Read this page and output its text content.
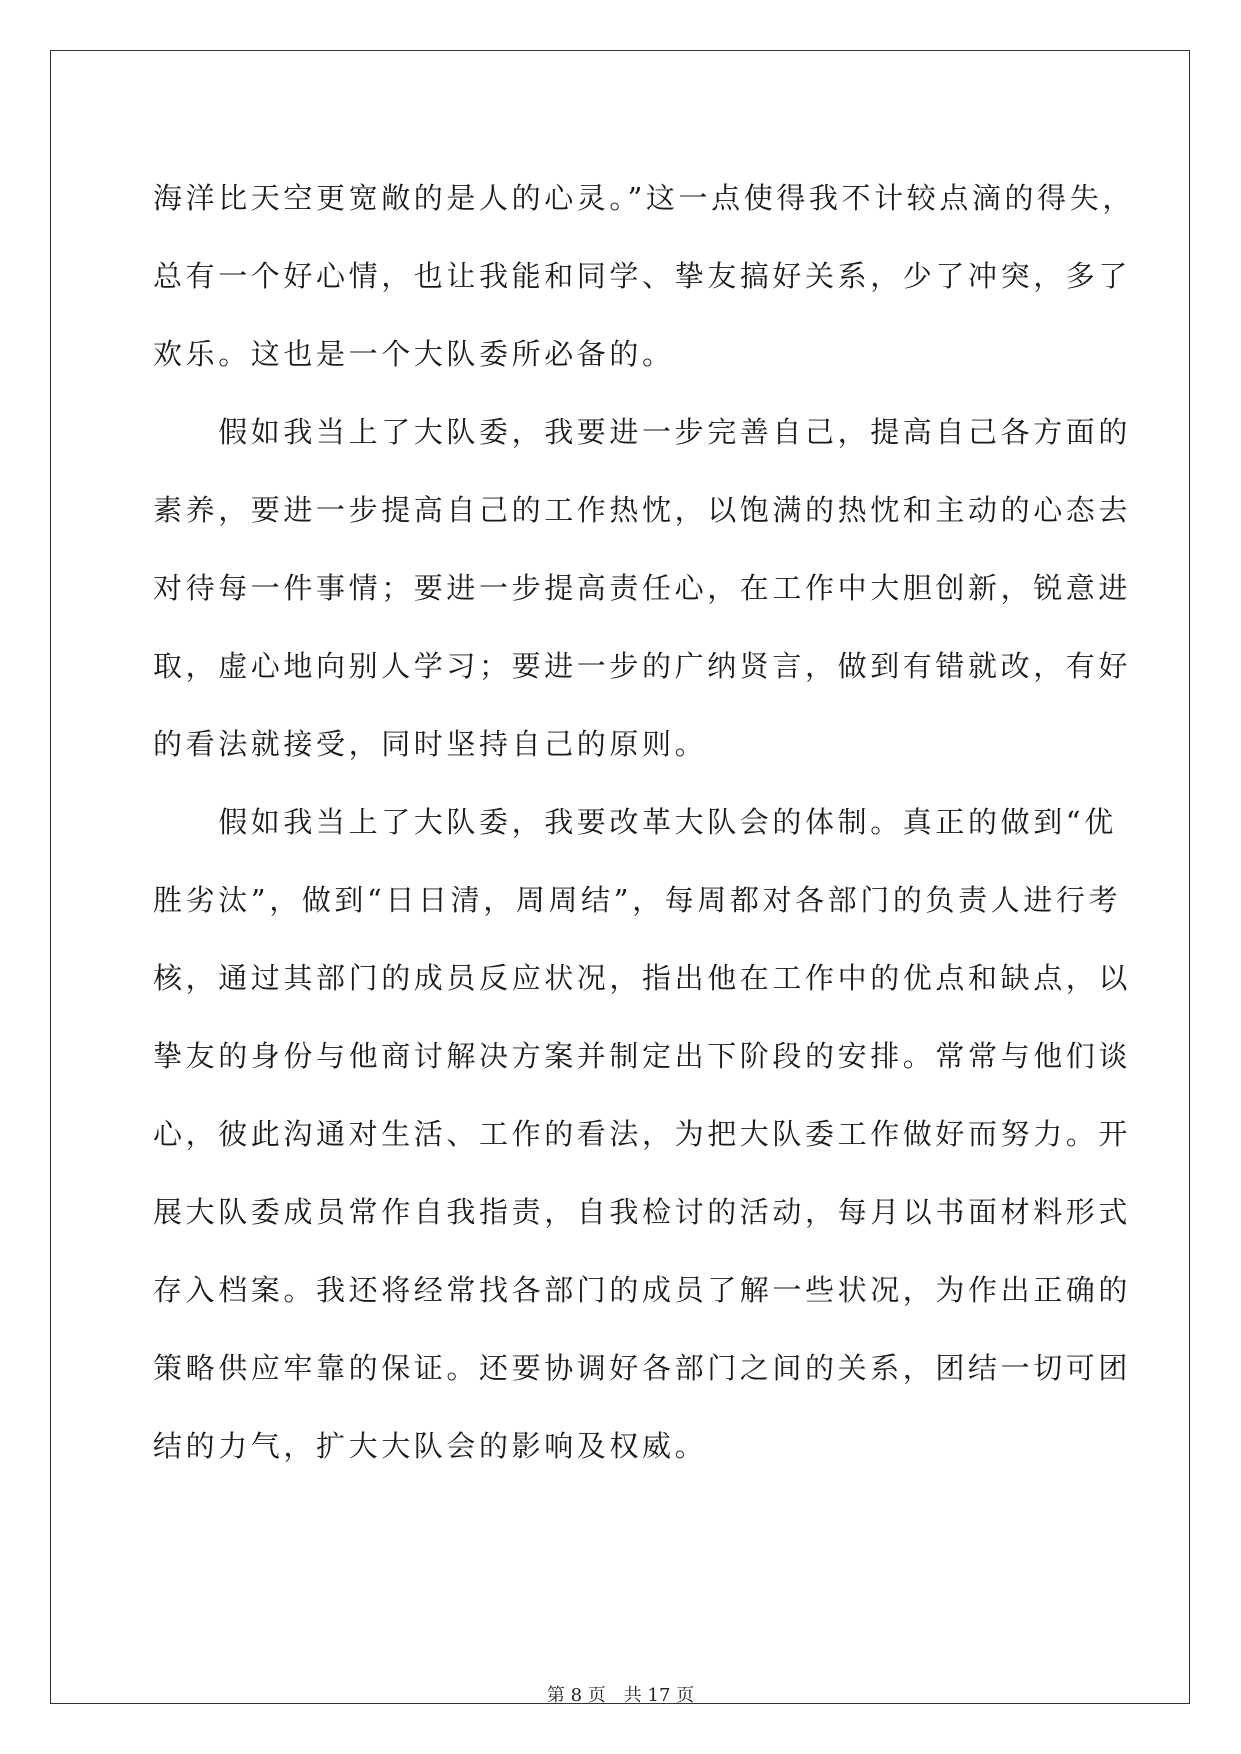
海洋比天空更宽敞的是人的心灵。”这一点使得我不计较点滴的得失，
总有一个好心情，也让我能和同学、挚友搞好关系，少了冲突，多了
欢乐。这也是一个大队委所必备的。
　　假如我当上了大队委，我要进一步完善自己，提高自己各方面的
素养，要进一步提高自己的工作热忱，以饱满的热忱和主动的心态去
对待每一件事情；要进一步提高责任心，在工作中大胆创新，锐意进
取，虚心地向别人学习；要进一步的广纳贤言，做到有错就改，有好
的看法就接受，同时坚持自己的原则。
　　假如我当上了大队委，我要改革大队会的体制。真正的做到“优
胜劣汰”，做到“日日清，周周结”，每周都对各部门的负责人进行考
核，通过其部门的成员反应状况，指出他在工作中的优点和缺点，以
挚友的身份与他商讨解决方案并制定出下阶段的安排。常常与他们谈
心，彼此沟通对生活、工作的看法，为把大队委工作做好而努力。开
展大队委成员常作自我指责，自我检讨的活动，每月以书面材料形式
存入档案。我还将经常找各部门的成员了解一些状况，为作出正确的
策略供应牢靠的保证。还要协调好各部门之间的关系，团结一切可团
结的力气，扩大大队会的影响及权威。
第 8 页　共 17 页
